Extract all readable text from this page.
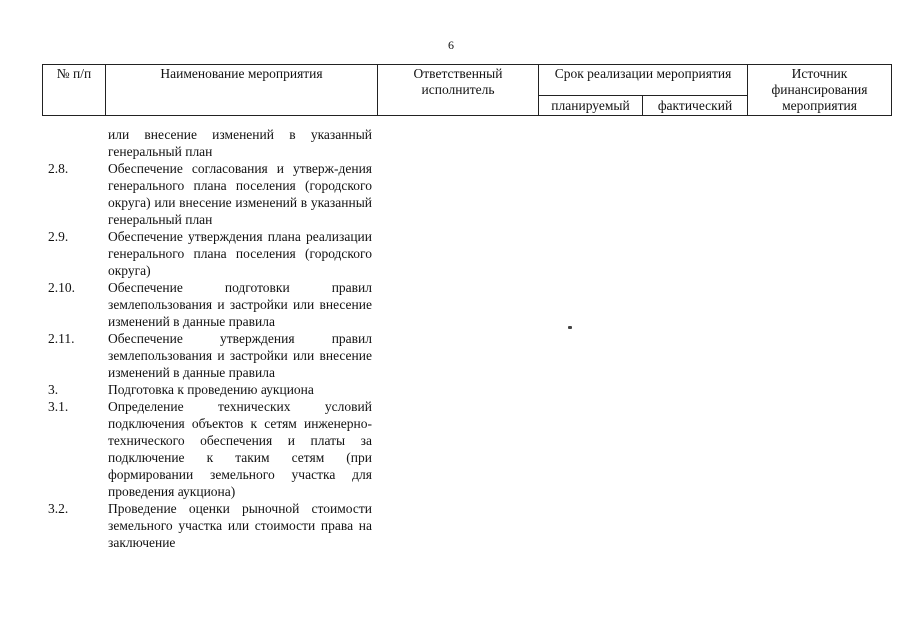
6
№ п/п	Наименование мероприятия	Ответственный исполнитель	Срок реализации мероприятия		Источник финансирования мероприятия
			планируемый	фактический	
или внесение изменений в указанный генеральный план
2.8.	Обеспечение согласования и утверж-дения генерального плана поселения (городского округа) или внесение изменений в указанный генеральный план
2.9.	Обеспечение утверждения плана реализации генерального плана поселения (городского округа)
2.10.	Обеспечение подготовки правил землепользования и застройки или внесение изменений в данные правила
2.11.	Обеспечение утверждения правил землепользования и застройки или внесение изменений в данные правила
3.	Подготовка к проведению аукциона
3.1.	Определение технических условий подключения объектов к сетям инженерно-технического обеспечения и платы за подключение к таким сетям (при формировании земельного участка для проведения аукциона)
3.2.	Проведение оценки рыночной стоимости земельного участка или стоимости права на заключение
